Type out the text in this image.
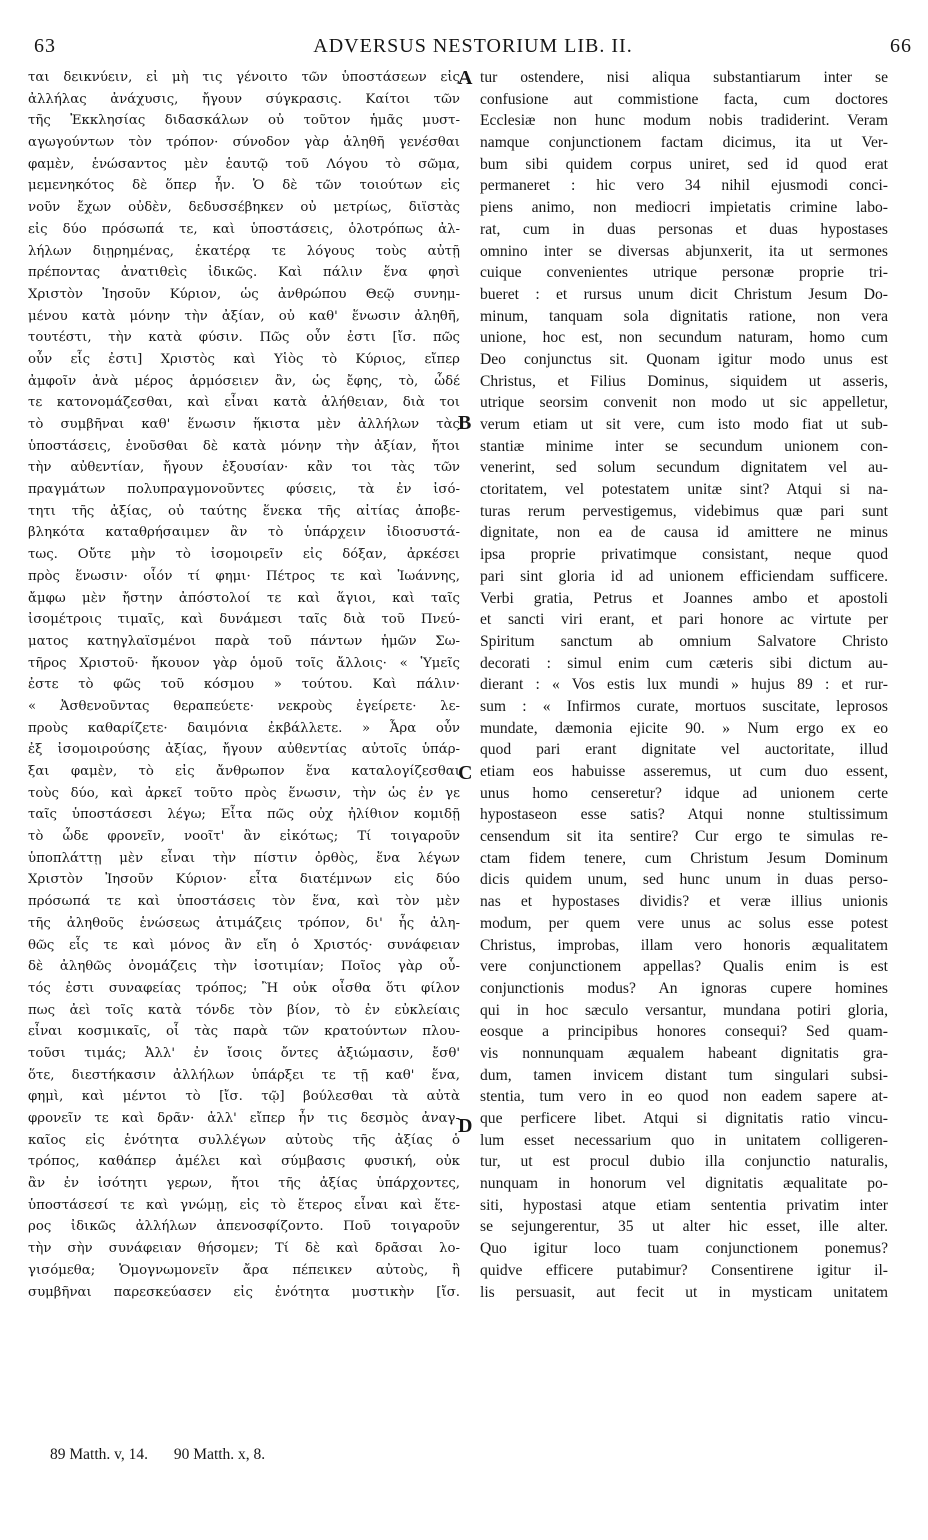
63	ADVERSUS NESTORIUM LIB. II.	66
ται δεικνύειν, εἰ μὴ τις γένοιτο τῶν ὑποστάσεων εἰς
ἀλλήλας ἀνάχυσις, ἤγουν σύγκρασις. Καίτοι τῶν
τῆς Ἐκκλησίας διδασκάλων οὐ τοῦτον ἡμᾶς μυστ-
αγωγούντων τὸν τρόπον· σύνοδον γὰρ ἀληθῆ γενέσθαι
φαμὲν, ἑνώσαντος μὲν ἑαυτῷ τοῦ Λόγου τὸ σῶμα,
μεμενηκότος δὲ ὅπερ ἦν. Ὁ δὲ τῶν τοιούτων εἰς
νοῦν ἔχων οὐδὲν, δεδυσσέβηκεν οὐ μετρίως, διϊστὰς
εἰς δύο πρόσωπά τε, καὶ ὑποστάσεις, ὁλοτρόπως ἀλ-
λήλων διῃρημένας, ἑκατέρᾳ τε λόγους τοὺς αὐτῇ
πρέποντας ἀνατιθεὶς ἰδικῶς. Καὶ πάλιν ἕνα φησὶ
Χριστὸν Ἰησοῦν Κύριον, ὡς ἀνθρώπου Θεῷ συνημ-
μένου κατὰ μόνην τὴν ἀξίαν, οὐ καθ' ἕνωσιν ἀληθῆ,
τουτέστι, τὴν κατὰ φύσιν. Πῶς οὖν ἐστι [ἴσ. πῶς
οὖν εἷς ἐστι] Χριστὸς καὶ Υἱὸς τὸ Κύριος, εἴπερ
ἀμφοῖν ἀνὰ μέρος ἁρμόσειεν ἂν, ὡς ἔφης, τὸ, ὧδέ
τε κατονομάζεσθαι, καὶ εἶναι κατὰ ἀλήθειαν, διὰ τοι
τὸ συμβῆναι καθ' ἕνωσιν ἥκιστα μὲν ἀλλήλων τὰς
ὑποστάσεις, ἑνοῦσθαι δὲ κατὰ μόνην τὴν ἀξίαν, ἤτοι
τὴν αὐθεντίαν, ἤγουν ἐξουσίαν· κἂν τοι τὰς τῶν
πραγμάτων πολυπραγμονοῦντες φύσεις, τὰ ἐν ἰσό-
τητι τῆς ἀξίας, οὐ ταύτης ἕνεκα τῆς αἰτίας ἀποβε-
βληκότα καταθρήσαιμεν ἂν τὸ ὑπάρχειν ἰδιοσυστά-
τως. Οὔτε μὴν τὸ ἰσομοιρεῖν εἰς δόξαν, ἀρκέσει
πρὸς ἕνωσιν· οἷόν τί φημι· Πέτρος τε καὶ Ἰωάννης,
ἄμφω μὲν ἤστην ἀπόστολοί τε καὶ ἅγιοι, καὶ ταῖς
ἰσομέτροις τιμαῖς, καὶ δυνάμεσι ταῖς διὰ τοῦ Πνεύ-
ματος κατηγλαϊσμένοι παρὰ τοῦ πάντων ἡμῶν Σω-
τῆρος Χριστοῦ· ἤκουον γὰρ ὁμοῦ τοῖς ἄλλοις· « Ὑμεῖς
ἐστε τὸ φῶς τοῦ κόσμου » τούτου. Καὶ πάλιν·
« Ἀσθενοῦντας θεραπεύετε· νεκροὺς ἐγείρετε· λε-
προὺς καθαρίζετε· δαιμόνια ἐκβάλλετε. » Ἆρα οὖν
ἐξ ἰσομοιρούσης ἀξίας, ἤγουν αὐθεντίας αὐτοῖς ὑπάρ-
ξαι φαμὲν, τὸ εἰς ἄνθρωπον ἕνα καταλογίζεσθαι
τοὺς δύο, καὶ ἀρκεῖ τοῦτο πρὸς ἕνωσιν, τὴν ὡς ἐν γε
ταῖς ὑποστάσεσι λέγω; Εἶτα πῶς οὐχ ἠλίθιον κομιδῇ
τὸ ὧδε φρονεῖν, νοοῖτ' ἂν εἰκότως; Τί τοιγαροῦν
ὑποπλάττῃ μὲν εἶναι τὴν πίστιν ὀρθὸς, ἕνα λέγων
Χριστὸν Ἰησοῦν Κύριον· εἶτα διατέμνων εἰς δύο
πρόσωπά τε καὶ ὑποστάσεις τὸν ἕνα, καὶ τὸν μὲν
τῆς ἀληθοῦς ἑνώσεως ἀτιμάζεις τρόπον, δι' ἧς ἀλη-
θῶς εἷς τε καὶ μόνος ἂν εἴη ὁ Χριστός· συνάφειαν
δὲ ἀληθῶς ὀνομάζεις τὴν ἰσοτιμίαν; Ποῖος γὰρ οὗ-
τός ἐστι συναφείας τρόπος; Ἢ οὐκ οἶσθα ὅτι φίλον
πως ἀεὶ τοῖς κατὰ τόνδε τὸν βίον, τὸ ἐν εὐκλείαις
εἶναι κοσμικαῖς, οἷ τὰς παρὰ τῶν κρατούντων πλου-
τοῦσι τιμάς; Ἀλλ' ἐν ἴσοις ὄντες ἀξιώμασιν, ἔσθ'
ὅτε, διεστήκασιν ἀλλήλων ὑπάρξει τε τῇ καθ' ἕνα,
φημὶ, καὶ μέντοι τὸ [ἴσ. τῷ] βούλεσθαι τὰ αὐτὰ
φρονεῖν τε καὶ δρᾶν· ἀλλ' εἴπερ ἦν τις δεσμὸς ἀναγ-
καῖος εἰς ἑνότητα συλλέγων αὐτοὺς τῆς ἀξίας ὁ
τρόπος, καθάπερ ἀμέλει καὶ σύμβασις φυσική, οὐκ
ἂν ἐν ἰσότητι γερων, ἤτοι τῆς ἀξίας ὑπάρχοντες,
ὑποστάσεσί τε καὶ γνώμῃ, εἰς τὸ ἕτερος εἶναι καὶ ἕτε-
ρος ἰδικῶς ἀλλήλων ἀπενοσφίζοντο. Ποῦ τοιγαροῦν
τὴν σὴν συνάφειαν θήσομεν; Τί δὲ καὶ δρᾶσαι λο-
γισόμεθα; Ὁμογνωμονεῖν ἄρα πέπεικεν αὐτοὺς, ἢ
συμβῆναι παρεσκεύασεν εἰς ἑνότητα μυστικὴν [ἴσ.
tur ostendere, nisi aliqua substantiarum inter se
confusione aut commistione facta, cum doctores
Ecclesiæ non hunc modum nobis tradiderint. Veram
namque conjunctionem factam dicimus, ita ut Ver-
bum sibi quidem corpus uniret, sed id quod erat
permaneret : hic vero 34 nihil ejusmodi conci-
piens animo, non mediocri impietatis crimine labo-
rat, cum in duas personas et duas hypostases
omnino inter se diversas abjunxerit, ita ut sermones
cuique convenientes utrique personæ proprie tri-
bueret : et rursus unum dicit Christum Jesum Do-
minum, tanquam sola dignitatis ratione, non vera
unione, hoc est, non secundum naturam, homo cum
Deo conjunctus sit. Quonam igitur modo unus est
Christus, et Filius Dominus, siquidem ut asseris,
utrique seorsim convenit non modo ut sic appelletur,
verum etiam ut sit vere, cum isto modo fiat ut sub-
stantiæ minime inter se secundum unionem con-
venerint, sed solum secundum dignitatem vel au-
ctoritatem, vel potestatem unitæ sint? Atqui si na-
turas rerum pervestigemus, videbimus quæ pari sunt
dignitate, non ea de causa id amittere ne minus
ipsa proprie privatimque consistant, neque quod
pari sint gloria id ad unionem efficiendam sufficere.
Verbi gratia, Petrus et Joannes ambo et apostoli
et sancti viri erant, et pari honore ac virtute per
Spiritum sanctum ab omnium Salvatore Christo
decorati : simul enim cum cæteris sibi dictum au-
dierant : « Vos estis lux mundi » hujus 89 : et rur-
sum : « Infirmos curate, mortuos suscitate, leprosos
mundate, dæmonia ejicite 90. » Num ergo ex eo
quod pari erant dignitate vel auctoritate, illud
etiam eos habuisse asseremus, ut cum duo essent,
unus homo censeretur? idque ad unionem certe
hypostaseon esse satis? Atqui nonne stultissimum
censendum sit ita sentire? Cur ergo te simulas re-
ctam fidem tenere, cum Christum Jesum Dominum
dicis quidem unum, sed hunc unum in duas perso-
nas et hypostases dividis? et veræ illius unionis
modum, per quem vere unus ac solus esse potest
Christus, improbas, illam vero honoris æqualitatem
vere conjunctionem appellas? Qualis enim is est
conjunctionis modus? An ignoras cupere homines
qui in hoc sæculo versantur, mundana potiri gloria,
eosque a principibus honores consequi? Sed quam-
vis nonnunquam æqualem habeant dignitatis gra-
dum, tamen invicem distant tum singulari subsi-
stentia, tum vero in eo quod non eadem sapere at-
que perficere libet. Atqui si dignitatis ratio vincu-
lum esset necessarium quo in unitatem colligeren-
tur, ut est procul dubio illa conjunctio naturalis,
nunquam in honorum vel dignitatis æqualitate po-
siti, hypostasi atque etiam sententia privatim inter
se sejungerentur, 35 ut alter hic esset, ille alter.
Quo igitur loco tuam conjunctionem ponemus?
quidve efficere putabimur? Consentirene igitur il-
lis persuasit, aut fecit ut in mysticam unitatem
A
B
C
D
89 Matth. v, 14. 90 Matth. x, 8.
